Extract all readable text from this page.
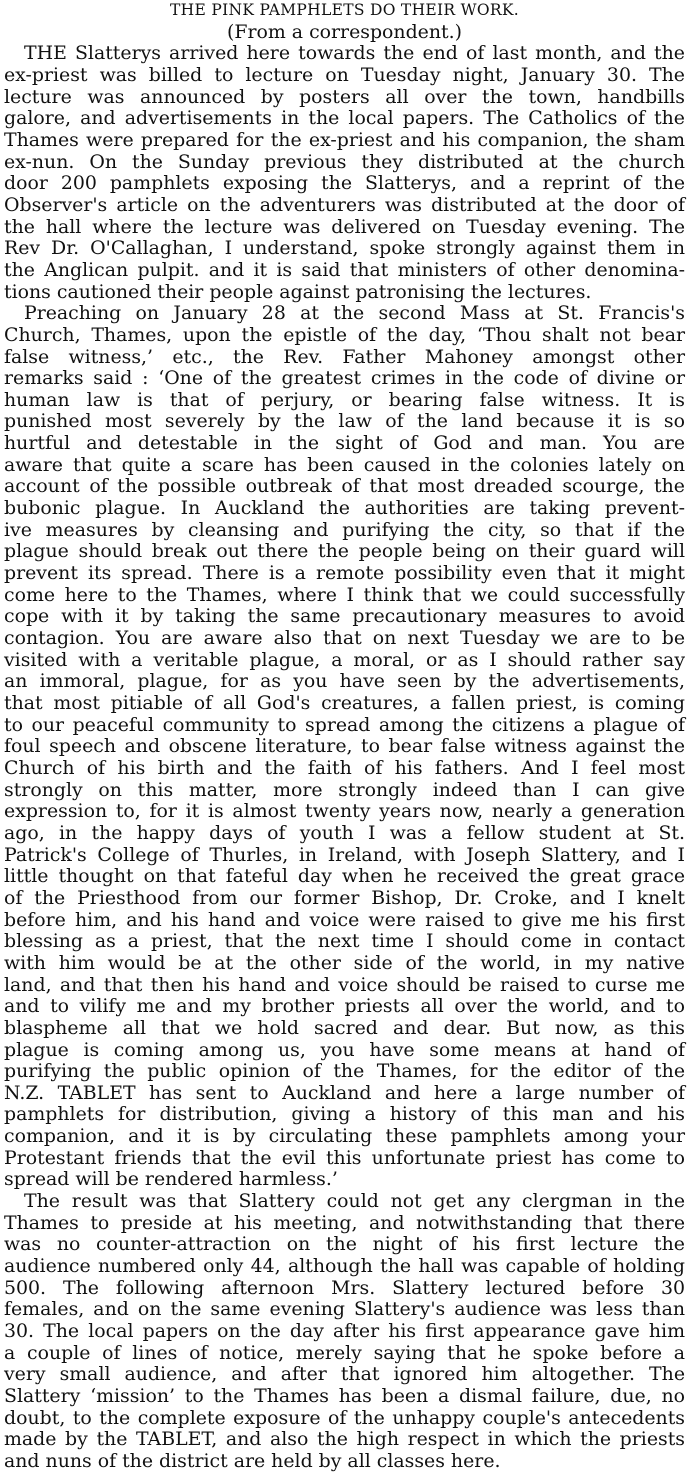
THE PINK PAMPHLETS DO THEIR WORK.
(From a correspondent.)
THE Slatterys arrived here towards the end of last month, and the
ex-priest was billed to lecture on Tuesday night, January 30. The
lecture was announced by posters all over the town, handbills
galore, and advertisements in the local papers. The Catholics of the
Thames were prepared for the ex-priest and his companion, the sham
ex-nun. On the Sunday previous they distributed at the church
door 200 pamphlets exposing the Slatterys, and a reprint of the
Observer's article on the adventurers was distributed at the door of
the hall where the lecture was delivered on Tuesday evening. The
Rev Dr. O'Callaghan, I understand, spoke strongly against them in
the Anglican pulpit. and it is said that ministers of other denomina-
tions cautioned their people against patronising the lectures.
Preaching on January 28 at the second Mass at St. Francis's
Church, Thames, upon the epistle of the day, ‘Thou shalt not bear
false witness,’ etc., the Rev. Father Mahoney amongst other
remarks said : ‘One of the greatest crimes in the code of divine or
human law is that of perjury, or bearing false witness. It is
punished most severely by the law of the land because it is so
hurtful and detestable in the sight of God and man. You are
aware that quite a scare has been caused in the colonies lately on
account of the possible outbreak of that most dreaded scourge, the
bubonic plague. In Auckland the authorities are taking prevent-
ive measures by cleansing and purifying the city, so that if the
plague should break out there the people being on their guard will
prevent its spread. There is a remote possibility even that it might
come here to the Thames, where I think that we could successfully
cope with it by taking the same precautionary measures to avoid
contagion. You are aware also that on next Tuesday we are to be
visited with a veritable plague, a moral, or as I should rather say
an immoral, plague, for as you have seen by the advertisements,
that most pitiable of all God's creatures, a fallen priest, is coming
to our peaceful community to spread among the citizens a plague of
foul speech and obscene literature, to bear false witness against the
Church of his birth and the faith of his fathers. And I feel most
strongly on this matter, more strongly indeed than I can give
expression to, for it is almost twenty years now, nearly a generation
ago, in the happy days of youth I was a fellow student at St.
Patrick's College of Thurles, in Ireland, with Joseph Slattery, and I
little thought on that fateful day when he received the great grace
of the Priesthood from our former Bishop, Dr. Croke, and I knelt
before him, and his hand and voice were raised to give me his first
blessing as a priest, that the next time I should come in contact
with him would be at the other side of the world, in my native
land, and that then his hand and voice should be raised to curse me
and to vilify me and my brother priests all over the world, and to
blaspheme all that we hold sacred and dear. But now, as this
plague is coming among us, you have some means at hand of
purifying the public opinion of the Thames, for the editor of the
N.Z. TABLET has sent to Auckland and here a large number of
pamphlets for distribution, giving a history of this man and his
companion, and it is by circulating these pamphlets among your
Protestant friends that the evil this unfortunate priest has come to
spread will be rendered harmless.’
The result was that Slattery could not get any clergman in the
Thames to preside at his meeting, and notwithstanding that there
was no counter-attraction on the night of his first lecture the
audience numbered only 44, although the hall was capable of holding
500. The following afternoon Mrs. Slattery lectured before 30
females, and on the same evening Slattery's audience was less than
30. The local papers on the day after his first appearance gave him
a couple of lines of notice, merely saying that he spoke before a
very small audience, and after that ignored him altogether. The
Slattery ‘mission’ to the Thames has been a dismal failure, due, no
doubt, to the complete exposure of the unhappy couple's antecedents
made by the TABLET, and also the high respect in which the priests
and nuns of the district are held by all classes here.
